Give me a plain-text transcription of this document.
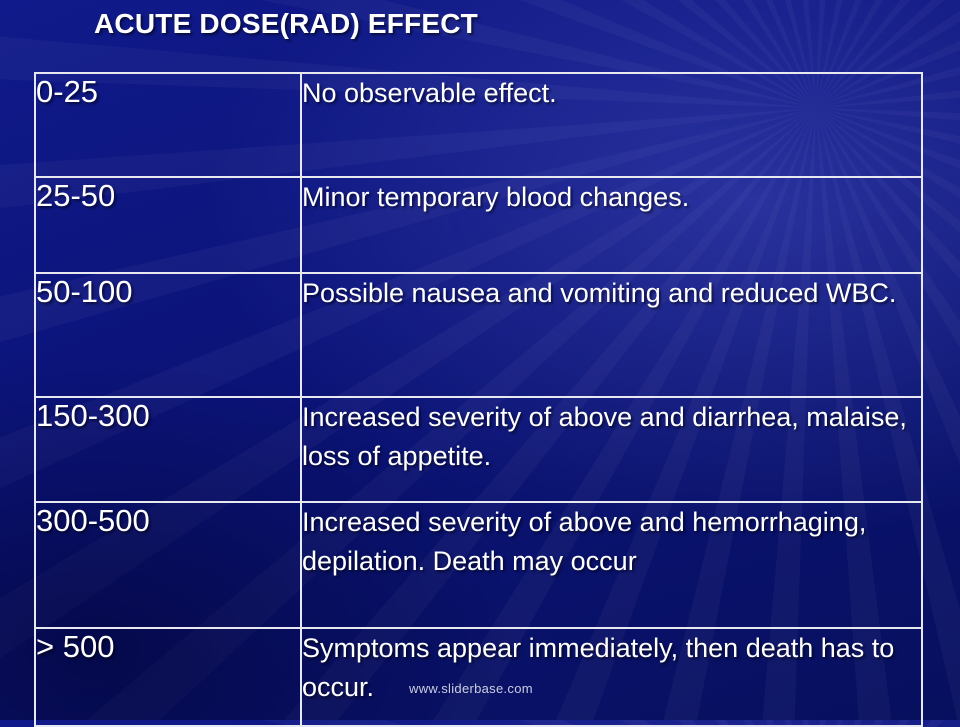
ACUTE DOSE(RAD) EFFECT
0-25	No observable effect.
25-50	Minor temporary blood changes.
50-100	Possible nausea and vomiting and reduced WBC.
150-300	Increased severity of above and diarrhea, malaise, loss of appetite.
300-500	Increased severity of above and hemorrhaging, depilation. Death may occur
> 500	Symptoms appear immediately, then death has to occur.	www.sliderbase.com
